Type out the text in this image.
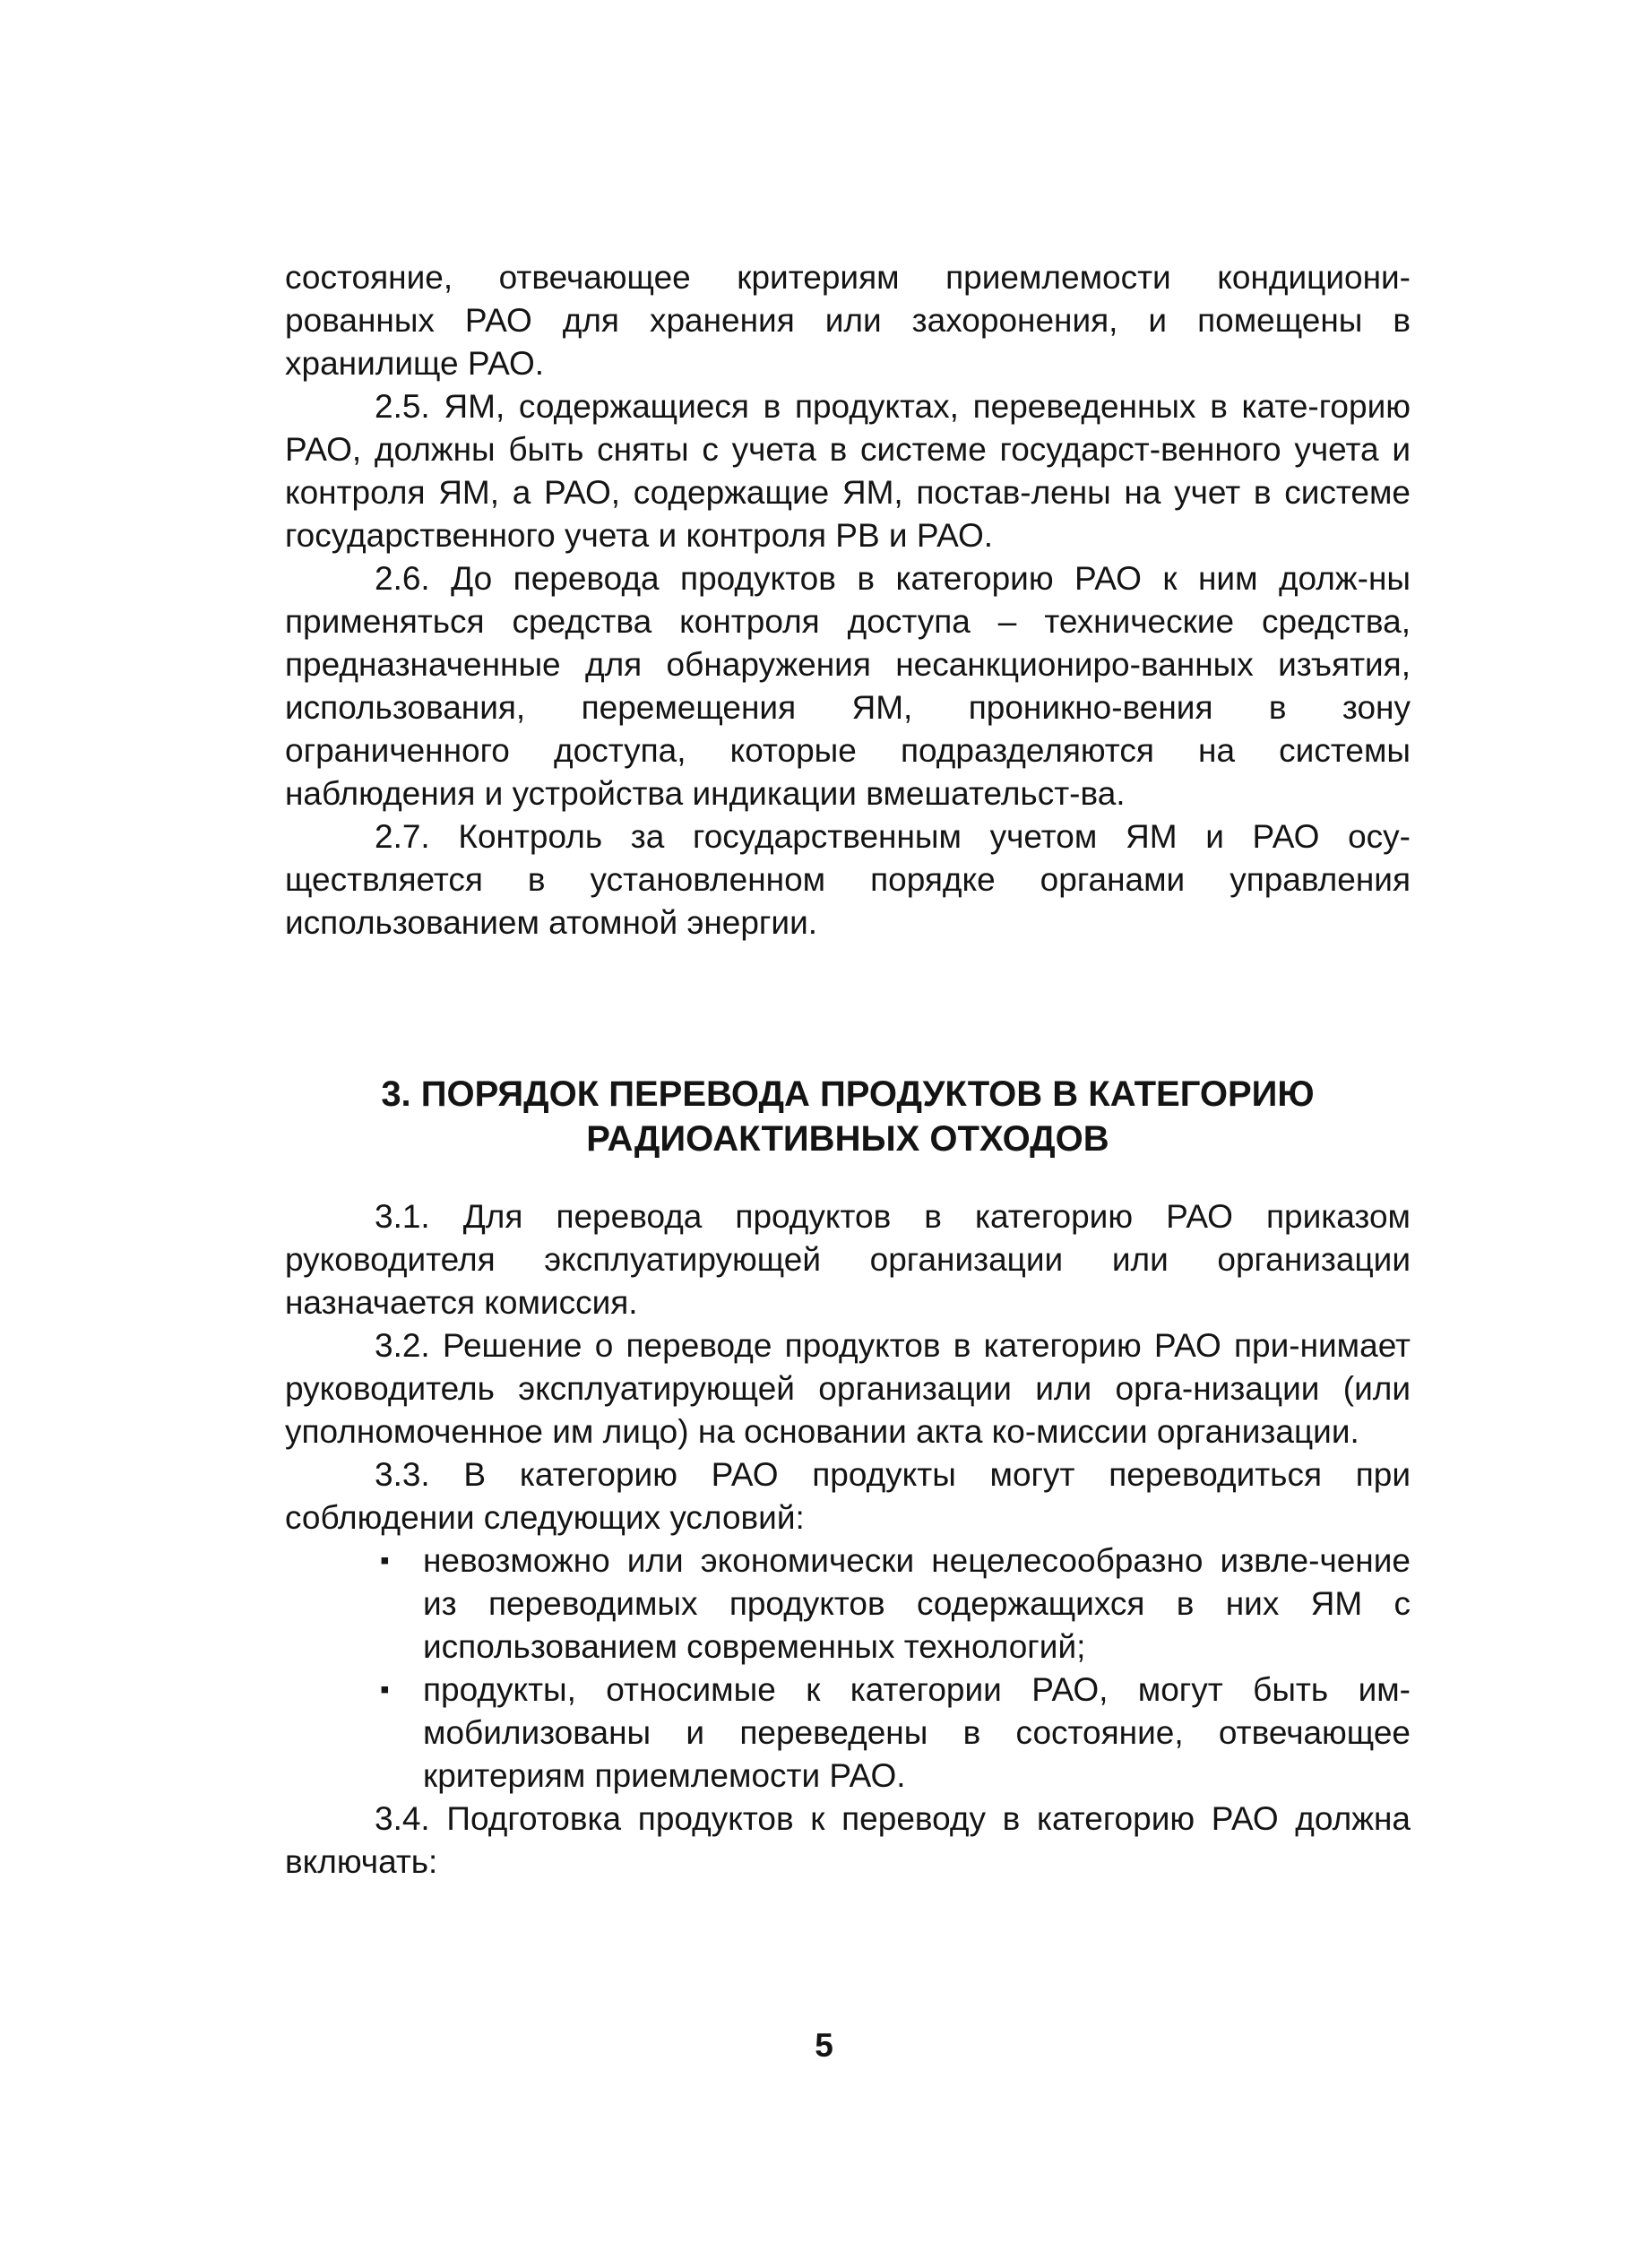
состояние, отвечающее критериям приемлемости кондициони-рованных РАО для хранения или захоронения, и помещены в хранилище РАО.

2.5. ЯМ, содержащиеся в продуктах, переведенных в кате-горию РАО, должны быть сняты с учета в системе государст-венного учета и контроля ЯМ, а РАО, содержащие ЯМ, постав-лены на учет в системе государственного учета и контроля РВ и РАО.

2.6. До перевода продуктов в категорию РАО к ним долж-ны применяться средства контроля доступа – технические средства, предназначенные для обнаружения несанкциониро-ванных изъятия, использования, перемещения ЯМ, проникно-вения в зону ограниченного доступа, которые подразделяются на системы наблюдения и устройства индикации вмешательст-ва.

2.7. Контроль за государственным учетом ЯМ и РАО осу-ществляется в установленном порядке органами управления использованием атомной энергии.

3. ПОРЯДОК ПЕРЕВОДА ПРОДУКТОВ В КАТЕГОРИЮ
РАДИОАКТИВНЫХ ОТХОДОВ

3.1. Для перевода продуктов в категорию РАО приказом руководителя эксплуатирующей организации или организации назначается комиссия.

3.2. Решение о переводе продуктов в категорию РАО при-нимает руководитель эксплуатирующей организации или орга-низации (или уполномоченное им лицо) на основании акта ко-миссии организации.

3.3. В категорию РАО продукты могут переводиться при соблюдении следующих условий:

▪ невозможно или экономически нецелесообразно извле-чение из переводимых продуктов содержащихся в них ЯМ с использованием современных технологий;
▪ продукты, относимые к категории РАО, могут быть им-мобилизованы и переведены в состояние, отвечающее критериям приемлемости РАО.

3.4. Подготовка продуктов к переводу в категорию РАО должна включать:

5
